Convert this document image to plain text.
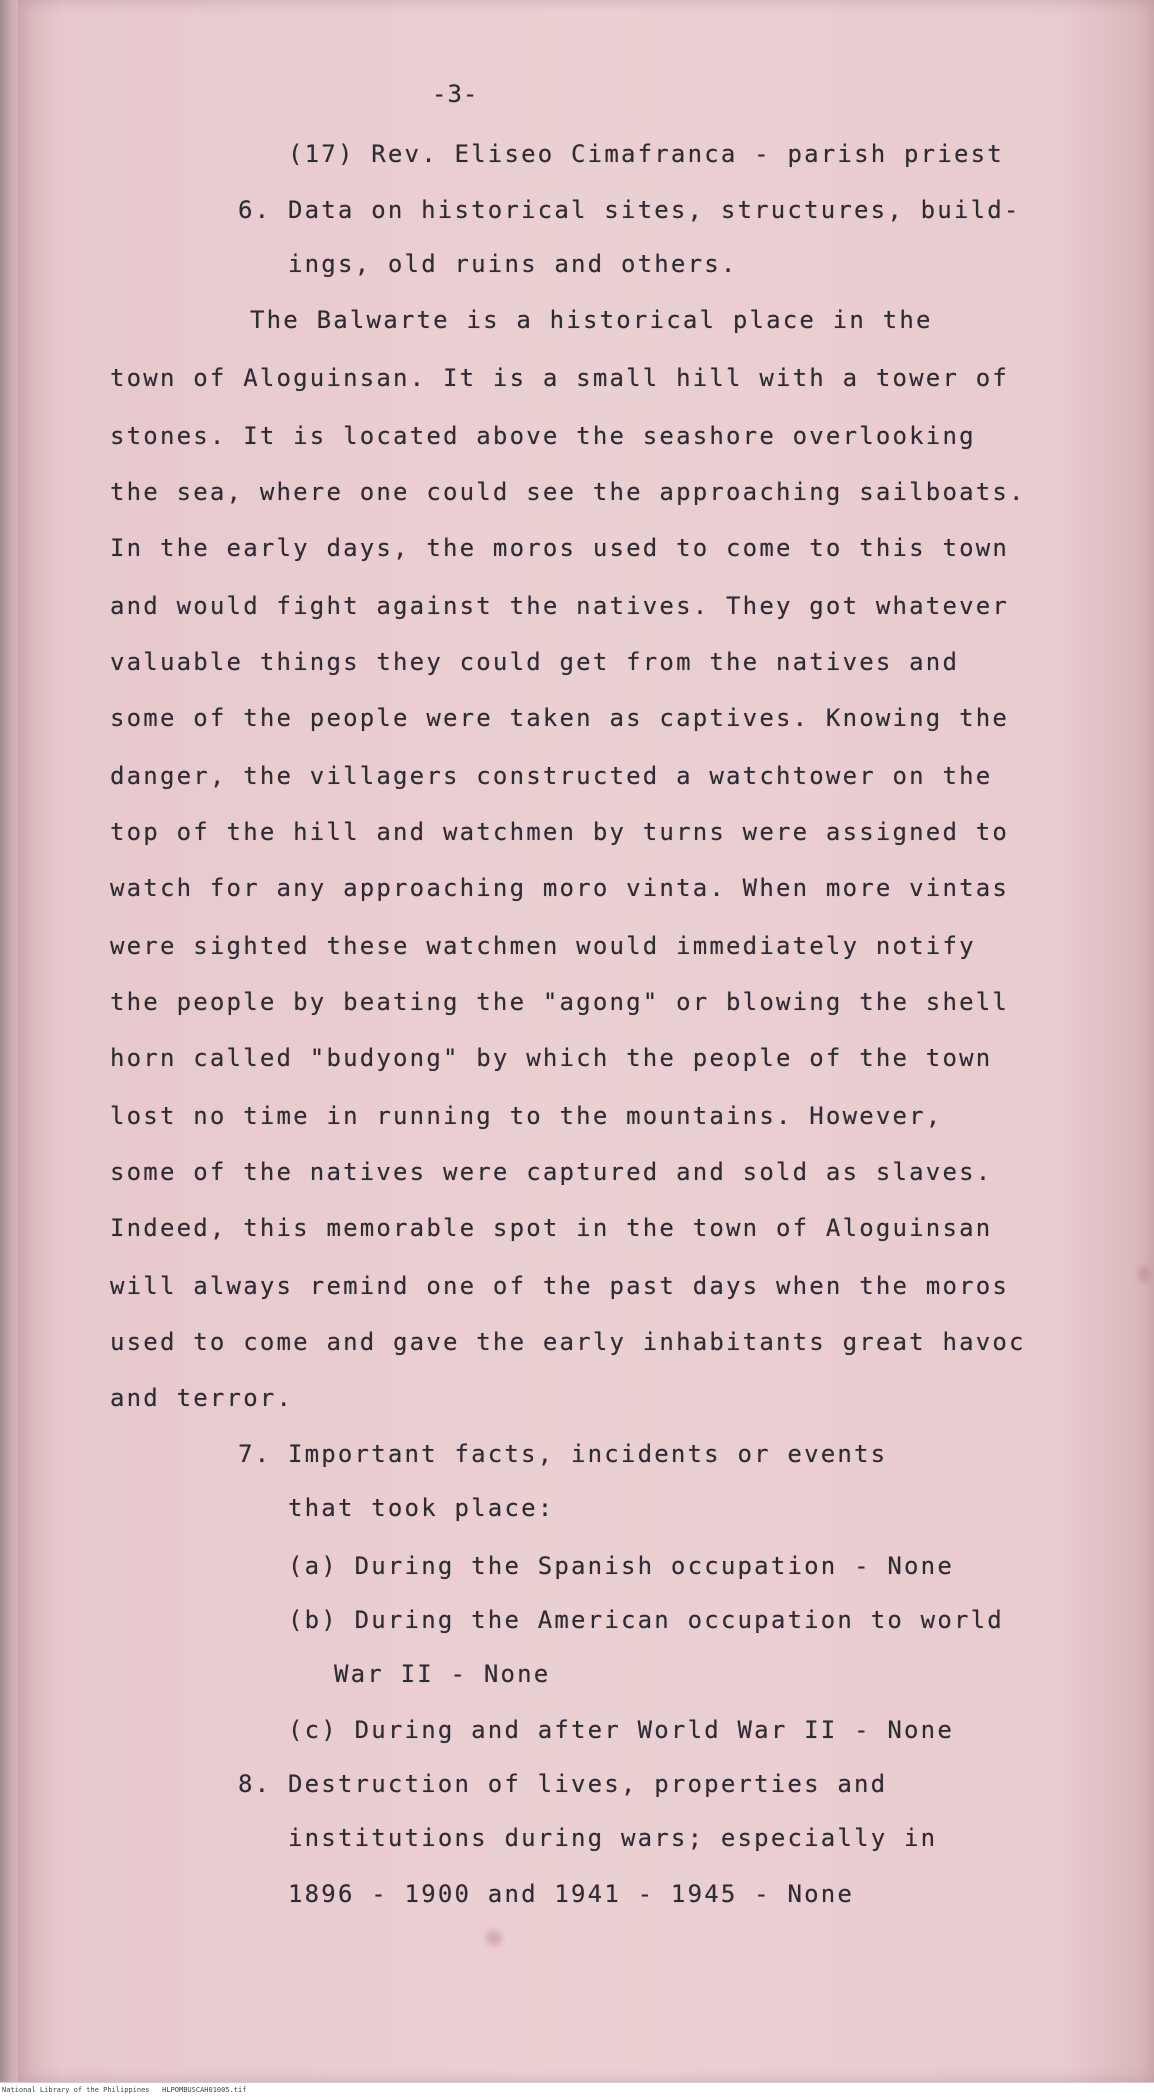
-3-
(17) Rev. Eliseo Cimafranca - parish priest
6. Data on historical sites, structures, build-
ings, old ruins and others.
The Balwarte is a historical place in the
town of Aloguinsan. It is a small hill with a tower of
stones. It is located above the seashore overlooking
the sea, where one could see the approaching sailboats.
In the early days, the moros used to come to this town
and would fight against the natives. They got whatever
valuable things they could get from the natives and
some of the people were taken as captives. Knowing the
danger, the villagers constructed a watchtower on the
top of the hill and watchmen by turns were assigned to
watch for any approaching moro vinta. When more vintas
were sighted these watchmen would immediately notify
the people by beating the "agong" or blowing the shell
horn called "budyong" by which the people of the town
lost no time in running to the mountains. However,
some of the natives were captured and sold as slaves.
Indeed, this memorable spot in the town of Aloguinsan
will always remind one of the past days when the moros
used to come and gave the early inhabitants great havoc
and terror.
7. Important facts, incidents or events
that took place:
(a) During the Spanish occupation - None
(b) During the American occupation to world
War II - None
(c) During and after World War II - None
8. Destruction of lives, properties and
institutions during wars; especially in
1896 - 1900 and 1941 - 1945 - None
National Library of the Philippines   HLPOMBUSCAH01005.tif
